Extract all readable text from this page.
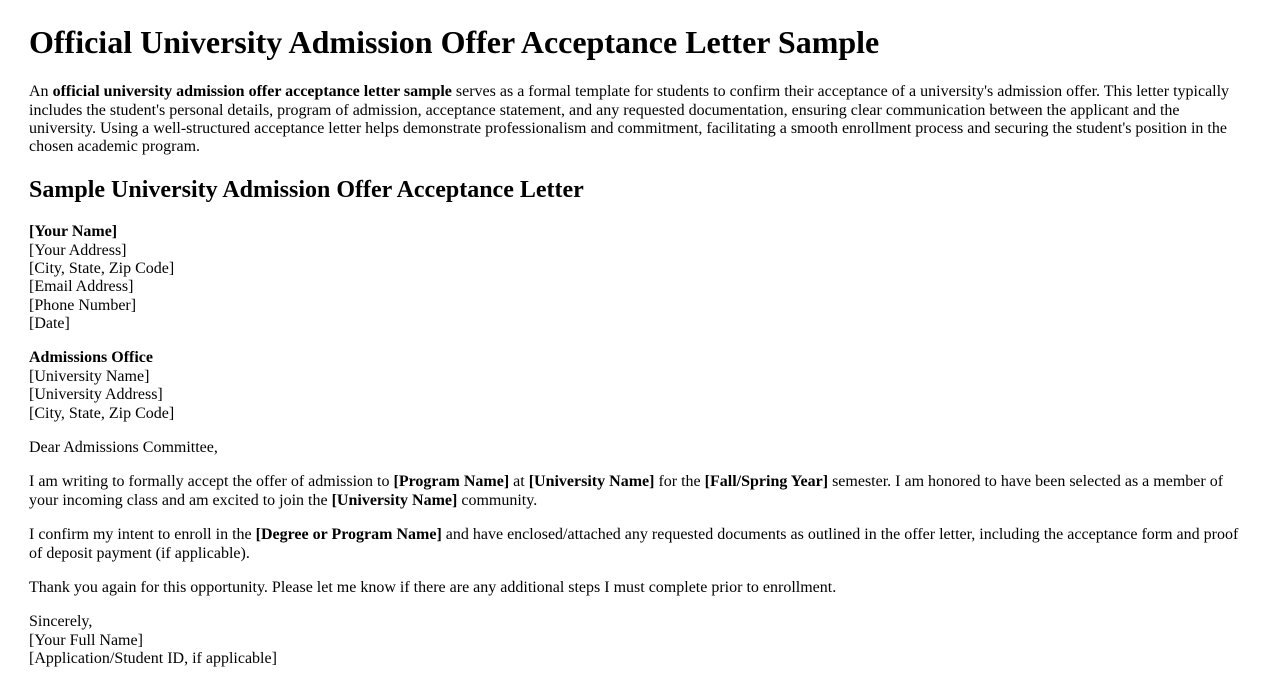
Official University Admission Offer Acceptance Letter Sample

An official university admission offer acceptance letter sample serves as a formal template for students to confirm their acceptance of a university's admission offer. This letter typically includes the student's personal details, program of admission, acceptance statement, and any requested documentation, ensuring clear communication between the applicant and the university. Using a well-structured acceptance letter helps demonstrate professionalism and commitment, facilitating a smooth enrollment process and securing the student's position in the chosen academic program.

Sample University Admission Offer Acceptance Letter

[Your Name]
[Your Address]
[City, State, Zip Code]
[Email Address]
[Phone Number]
[Date]

Admissions Office
[University Name]
[University Address]
[City, State, Zip Code]

Dear Admissions Committee,

I am writing to formally accept the offer of admission to [Program Name] at [University Name] for the [Fall/Spring Year] semester. I am honored to have been selected as a member of your incoming class and am excited to join the [University Name] community.

I confirm my intent to enroll in the [Degree or Program Name] and have enclosed/attached any requested documents as outlined in the offer letter, including the acceptance form and proof of deposit payment (if applicable).

Thank you again for this opportunity. Please let me know if there are any additional steps I must complete prior to enrollment.

Sincerely,
[Your Full Name]
[Application/Student ID, if applicable]
